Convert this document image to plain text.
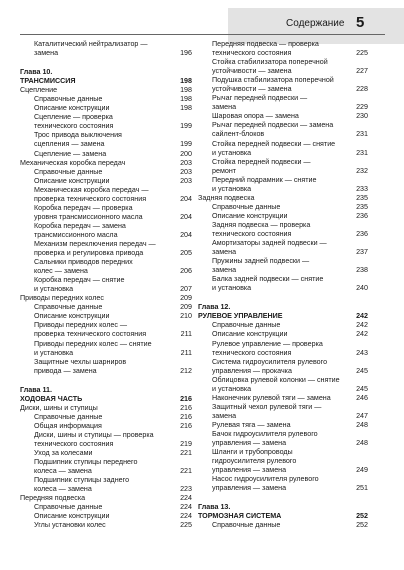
Содержание 5
Каталитический нейтрализатор —
замена	196
Глава 10.
ТРАНСМИССИЯ	198
Сцепление	198
Справочные данные	198
Описание конструкции	198
Сцепление — проверка
технического состояния	199
Трос привода выключения
сцепления — замена	199
Сцепление — замена	200
Механическая коробка передач	203
Справочные данные	203
Описание конструкции	203
Механическая коробка передач —
проверка технического состояния	204
Коробка передач — проверка
уровня трансмиссионного масла	204
Коробка передач — замена
трансмиссионного масла	204
Механизм переключения передач —
проверка и регулировка привода	205
Сальники приводов передних
колес — замена	206
Коробка передач — снятие
и установка	207
Приводы передних колес	209
Справочные данные	209
Описание конструкции	210
Приводы передних колес —
проверка технического состояния	211
Приводы передних колес — снятие
и установка	211
Защитные чехлы шарниров
привода — замена	212
Глава 11.
ХОДОВАЯ ЧАСТЬ	216
Диски, шины и ступицы	216
Справочные данные	216
Общая информация	216
Диски, шины и ступицы — проверка
технического состояния	219
Уход за колесами	221
Подшипник ступицы переднего
колеса — замена	221
Подшипник ступицы заднего
колеса — замена	223
Передняя подвеска	224
Справочные данные	224
Описание конструкции	224
Углы установки колес	225
Передняя подвеска — проверка
технического состояния	225
Стойка стабилизатора поперечной
устойчивости — замена	227
Подушка стабилизатора поперечной
устойчивости — замена	228
Рычаг передней подвески —
замена	229
Шаровая опора — замена	230
Рычаг передней подвески — замена
сайлент-блоков	231
Стойка передней подвески — снятие
и установка	231
Стойка передней подвески —
ремонт	232
Передний подрамник — снятие
и установка	233
Задняя подвеска	235
Справочные данные	235
Описание конструкции	236
Задняя подвеска — проверка
технического состояния	236
Амортизаторы задней подвески —
замена	237
Пружины задней подвески —
замена	238
Балка задней подвески — снятие
и установка	240
Глава 12.
РУЛЕВОЕ УПРАВЛЕНИЕ	242
Справочные данные	242
Описание конструкции	242
Рулевое управление — проверка
технического состояния	243
Система гидроусилителя рулевого
управления — прокачка	245
Облицовка рулевой колонки — снятие
и установка	245
Наконечник рулевой тяги — замена	246
Защитный чехол рулевой тяги —
замена	247
Рулевая тяга — замена	248
Бачок гидроусилителя рулевого
управления — замена	248
Шланги и трубопроводы
гидроусилителя рулевого
управления — замена	249
Насос гидроусилителя рулевого
управления — замена	251
Глава 13.
ТОРМОЗНАЯ СИСТЕМА	252
Справочные данные	252
